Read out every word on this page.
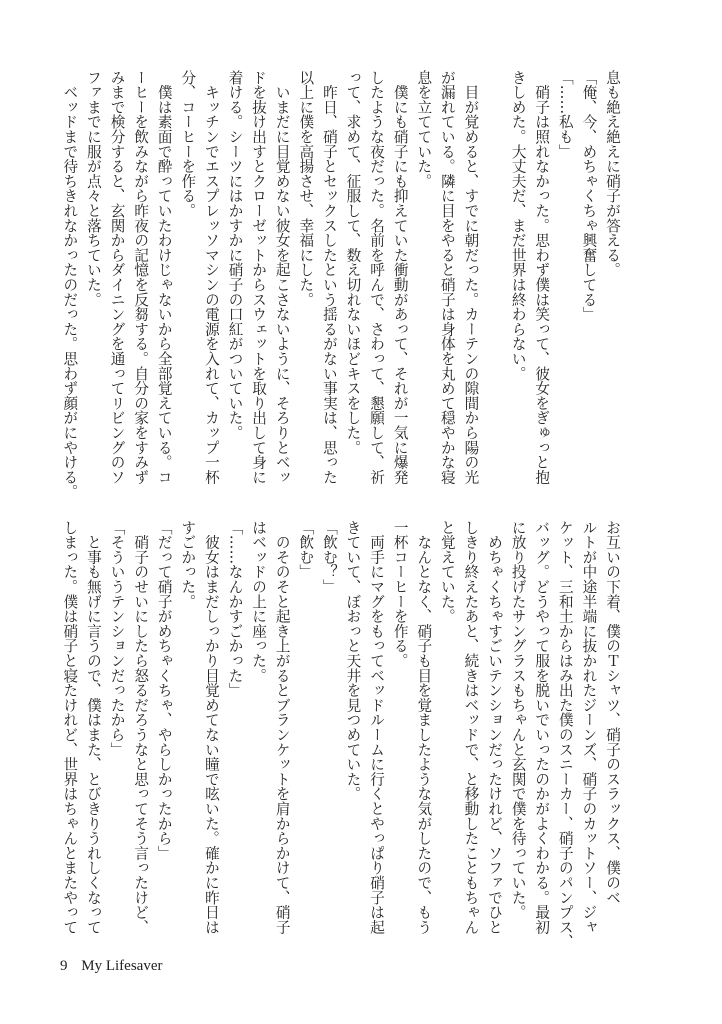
息も絶え絶えに硝子が答える。
「俺、今、めちゃくちゃ興奮してる」
「……私も」
　硝子は照れなかった。思わず僕は笑って、彼女をぎゅっと抱
きしめた。大丈夫だ、まだ世界は終わらない。
　目が覚めると、すでに朝だった。カーテンの隙間から陽の光
が漏れている。隣に目をやると硝子は身体を丸めて穏やかな寝
息を立てていた。
　僕にも硝子にも抑えていた衝動があって、それが一気に爆発
したような夜だった。名前を呼んで、さわって、懇願して、祈
って、求めて、征服して、数え切れないほどキスをした。
　昨日、硝子とセックスしたという揺るがない事実は、思った
以上に僕を高揚させ、幸福にした。
　いまだに目覚めない彼女を起こさないように、そろりとベッ
ドを抜け出すとクローゼットからスウェットを取り出して身に
着ける。シーツにはかすかに硝子の口紅がついていた。
　キッチンでエスプレッソマシンの電源を入れて、カップ一杯
分、コーヒーを作る。
　僕は素面で酔っていたわけじゃないから全部覚えている。コ
ーヒーを飲みながら昨夜の記憶を反芻する。自分の家をすみず
みまで検分すると、玄関からダイニングを通ってリビングのソ
ファまでに服が点々と落ちていた。
　ベッドまで待ちきれなかったのだった。思わず顔がにやける。
お互いの下着、僕のＴシャツ、硝子のスラックス、僕のベ
ルトが中途半端に抜かれたジーンズ、硝子のカットソー、ジャ
ケット、三和土からはみ出た僕のスニーカー、硝子のパンプス、
バッグ。どうやって服を脱いでいったのかがよくわかる。最初
に放り投げたサングラスもちゃんと玄関で僕を待っていた。
　めちゃくちゃすごいテンションだったけれど、ソファでひと
しきり終えたあと、続きはベッドで、と移動したこともちゃん
と覚えていた。
　なんとなく、硝子も目を覚ましたような気がしたので、もう
一杯コーヒーを作る。
　両手にマグをもってベッドルームに行くとやっぱり硝子は起
きていて、ぼおっと天井を見つめていた。
「飲む？」
「飲む」
　のそのそと起き上がるとブランケットを肩からかけて、硝子
はベッドの上に座った。
「……なんかすごかった」
　彼女はまだしっかり目覚めてない瞳で呟いた。確かに昨日は
すごかった。
「だって硝子がめちゃくちゃ、やらしかったから」
　硝子のせいにしたら怒るだろうなと思ってそう言ったけど、
「そういうテンションだったから」
　と事も無げに言うので、僕はまた、とびきりうれしくなって
しまった。僕は硝子と寝たけれど、世界はちゃんとまたやって
9 My Lifesaver
